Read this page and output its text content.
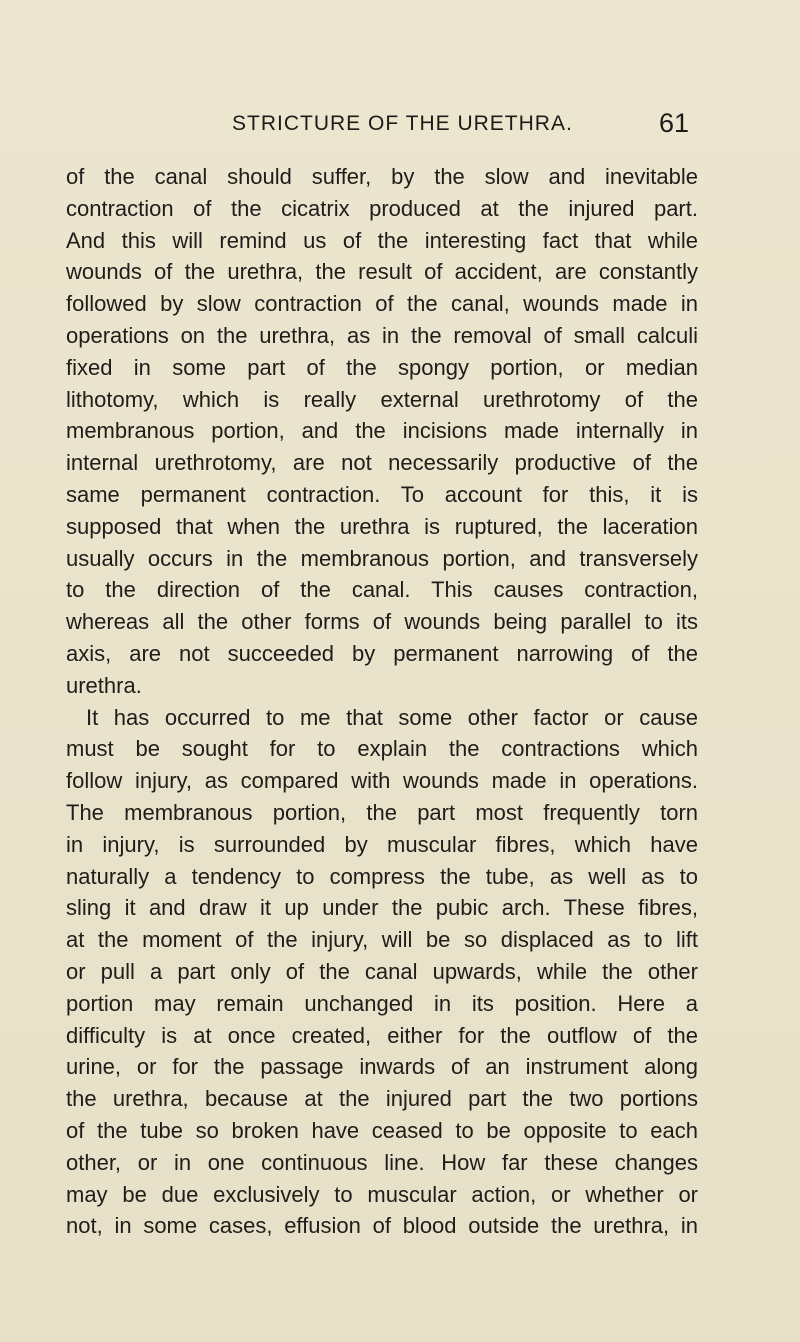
STRICTURE OF THE URETHRA.	61
of the canal should suffer, by the slow and inevitable
contraction of the cicatrix produced at the injured part.
And this will remind us of the interesting fact that while
wounds of the urethra, the result of accident, are constantly
followed by slow contraction of the canal, wounds made in
operations on the urethra, as in the removal of small calculi
fixed in some part of the spongy portion, or median
lithotomy, which is really external urethrotomy of the
membranous portion, and the incisions made internally in
internal urethrotomy, are not necessarily productive of the
same permanent contraction. To account for this, it is
supposed that when the urethra is ruptured, the laceration
usually occurs in the membranous portion, and transversely
to the direction of the canal. This causes contraction,
whereas all the other forms of wounds being parallel to its
axis, are not succeeded by permanent narrowing of the
urethra.
It has occurred to me that some other factor or cause
must be sought for to explain the contractions which
follow injury, as compared with wounds made in operations.
The membranous portion, the part most frequently torn
in injury, is surrounded by muscular fibres, which have
naturally a tendency to compress the tube, as well as to
sling it and draw it up under the pubic arch. These fibres,
at the moment of the injury, will be so displaced as to lift
or pull a part only of the canal upwards, while the other
portion may remain unchanged in its position. Here a
difficulty is at once created, either for the outflow of the
urine, or for the passage inwards of an instrument along
the urethra, because at the injured part the two portions
of the tube so broken have ceased to be opposite to each
other, or in one continuous line. How far these changes
may be due exclusively to muscular action, or whether or
not, in some cases, effusion of blood outside the urethra, in
